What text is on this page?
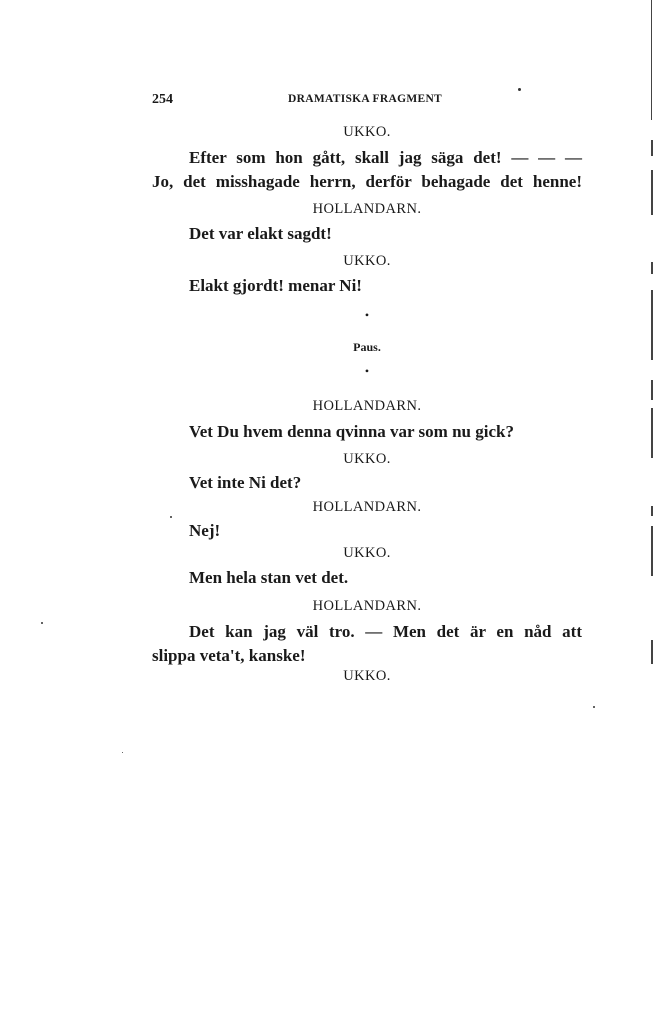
254	DRAMATISKA FRAGMENT
UKKO.
Efter som hon gått, skall jag säga det! — — —
Jo, det misshagade herrn, derför behagade det henne!
HOLLANDARN.
Det var elakt sagdt!
UKKO.
Elakt gjordt! menar Ni!
•
Paus.
•
HOLLANDARN.
Vet Du hvem denna qvinna var som nu gick?
UKKO.
Vet inte Ni det?
HOLLANDARN.
Nej!
UKKO.
Men hela stan vet det.
HOLLANDARN.
Det kan jag väl tro. — Men det är en nåd att
slippa veta't, kanske!
UKKO.
